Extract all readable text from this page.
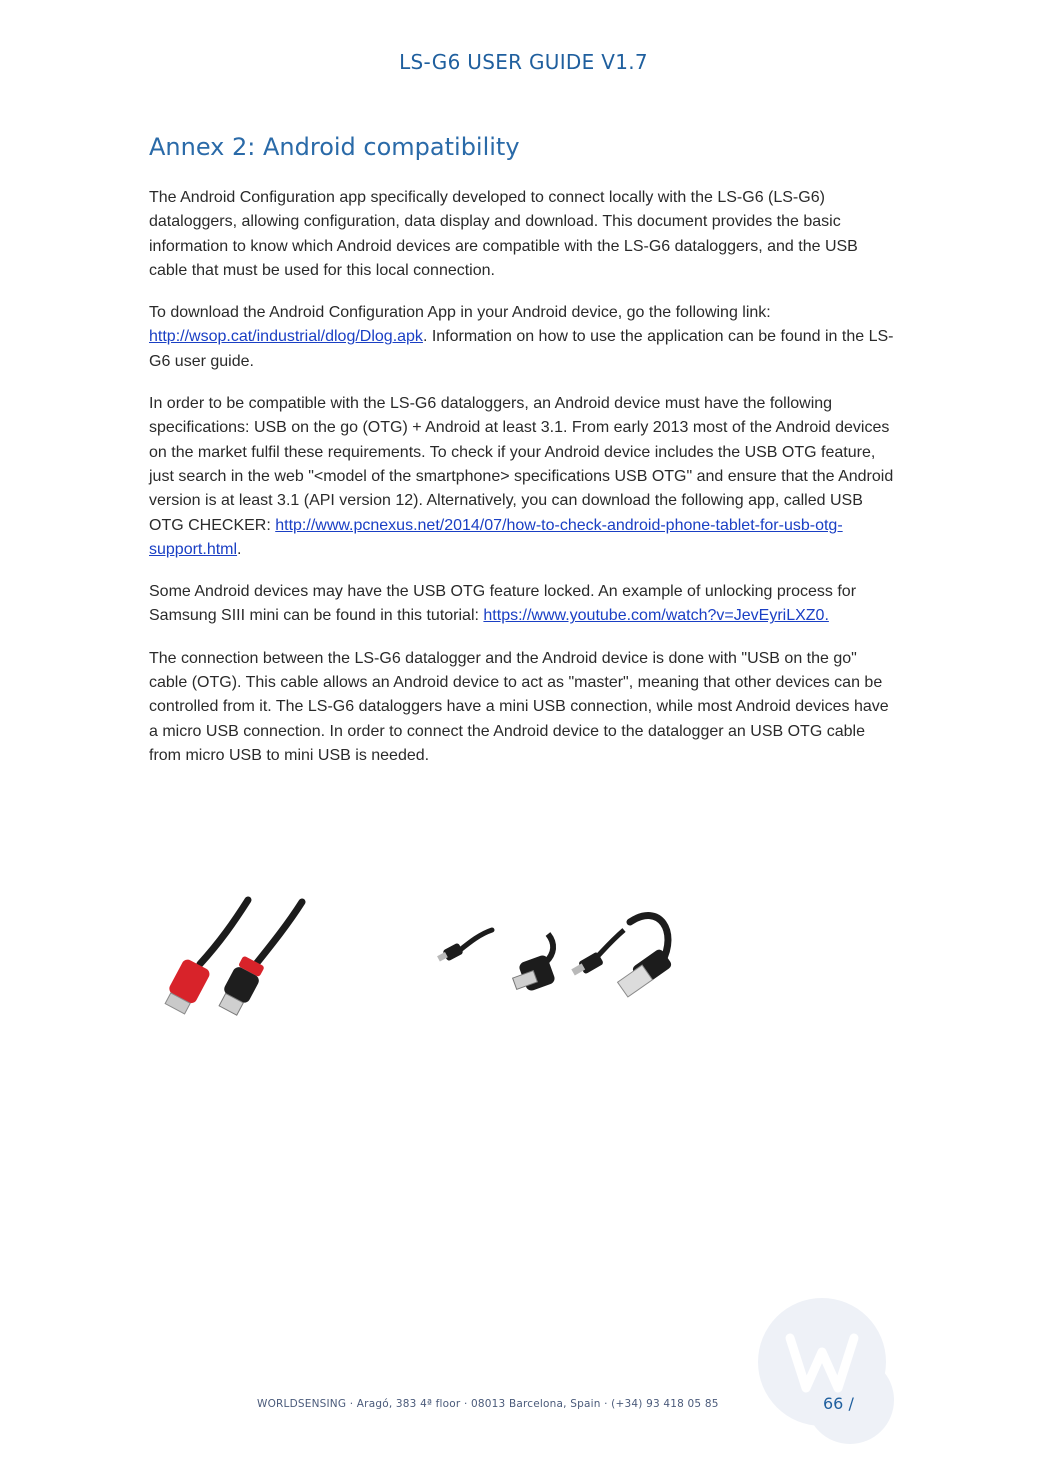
LS-G6 USER GUIDE V1.7
Annex 2: Android compatibility

The Android Configuration app specifically developed to connect locally with the LS-G6 (LS-G6) dataloggers, allowing configuration, data display and download. This document provides the basic information to know which Android devices are compatible with the LS-G6 dataloggers, and the USB cable that must be used for this local connection.

To download the Android Configuration App in your Android device, go the following link: http://wsop.cat/industrial/dlog/Dlog.apk. Information on how to use the application can be found in the LS-G6 user guide.

In order to be compatible with the LS-G6 dataloggers, an Android device must have the following specifications: USB on the go (OTG) + Android at least 3.1. From early 2013 most of the Android devices on the market fulfil these requirements. To check if your Android device includes the USB OTG feature, just search in the web "<model of the smartphone> specifications USB OTG" and ensure that the Android version is at least 3.1 (API version 12). Alternatively, you can download the following app, called USB OTG CHECKER: http://www.pcnexus.net/2014/07/how-to-check-android-phone-tablet-for-usb-otg-support.html.

Some Android devices may have the USB OTG feature locked. An example of unlocking process for Samsung SIII mini can be found in this tutorial: https://www.youtube.com/watch?v=JevEyriLXZ0.

The connection between the LS-G6 datalogger and the Android device is done with "USB on the go" cable (OTG). This cable allows an Android device to act as "master", meaning that other devices can be controlled from it. The LS-G6 dataloggers have a mini USB connection, while most Android devices have a micro USB connection. In order to connect the Android device to the datalogger an USB OTG cable from micro USB to mini USB is needed.

WORLDSENSING · Aragó, 383 4ª floor · 08013 Barcelona, Spain · (+34) 93 418 05 85	66 /
